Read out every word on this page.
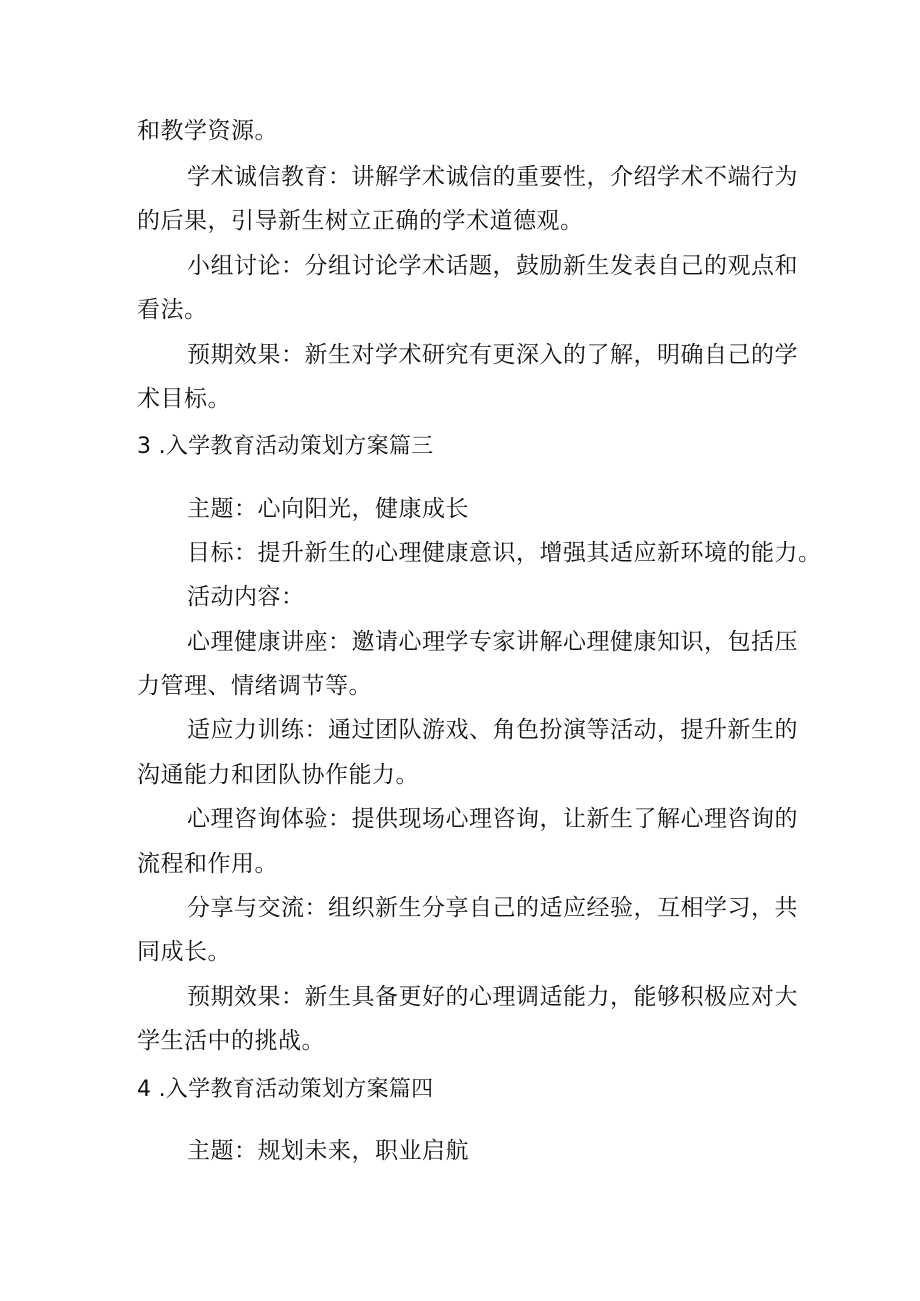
和教学资源。
学术诚信教育：讲解学术诚信的重要性，介绍学术不端行为
的后果，引导新生树立正确的学术道德观。
小组讨论：分组讨论学术话题，鼓励新生发表自己的观点和
看法。
预期效果：新生对学术研究有更深入的了解，明确自己的学
术目标。
3 .入学教育活动策划方案篇三
主题：心向阳光，健康成长
目标：提升新生的心理健康意识，增强其适应新环境的能力。
活动内容：
心理健康讲座：邀请心理学专家讲解心理健康知识，包括压
力管理、情绪调节等。
适应力训练：通过团队游戏、角色扮演等活动，提升新生的
沟通能力和团队协作能力。
心理咨询体验：提供现场心理咨询，让新生了解心理咨询的
流程和作用。
分享与交流：组织新生分享自己的适应经验，互相学习，共
同成长。
预期效果：新生具备更好的心理调适能力，能够积极应对大
学生活中的挑战。
4 .入学教育活动策划方案篇四
主题：规划未来，职业启航
